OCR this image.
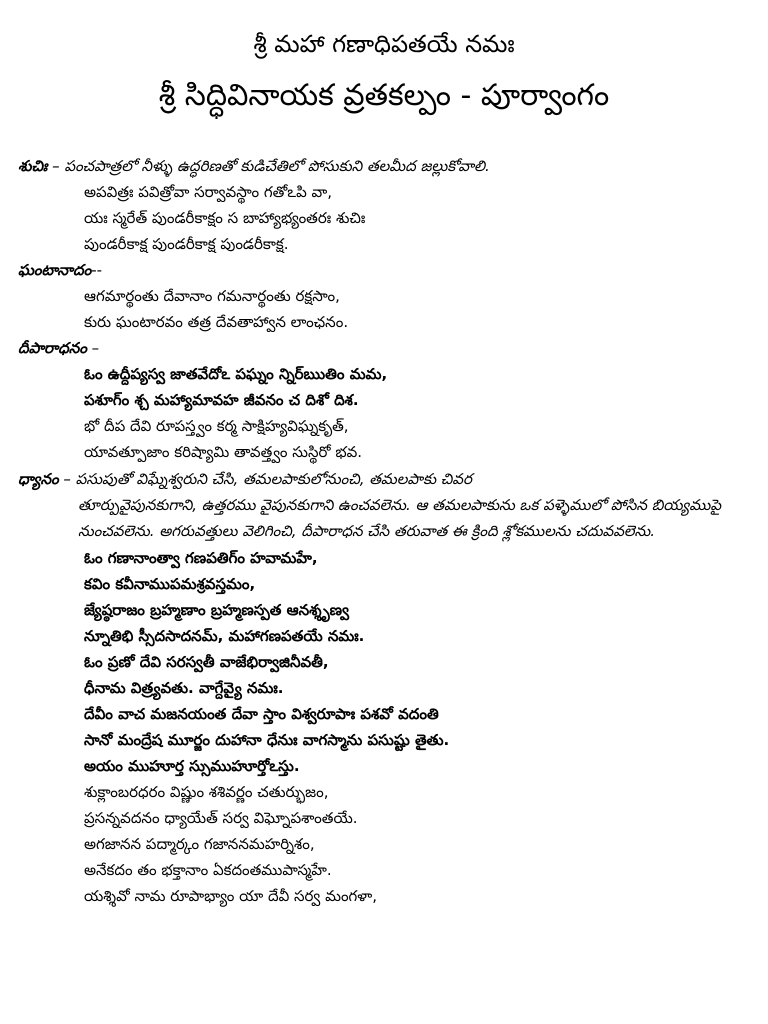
శ్రీ మహా గణాధిపతయే నమః
శ్రీ సిద్ధివినాయక వ్రతకల్పం - పూర్వాంగం
శుచిః – పంచపాత్రలో నీళ్ళు ఉద్ధరిణతో కుడిచేతిలో పోసుకుని తలమీద జల్లుకోవాలి.
అపవిత్రః పవిత్రోవా సర్వావస్థాం గతోఽపి వా,
యః స్మరేత్ పుండరీకాక్షం స బాహ్యాభ్యంతరః శుచిః
పుండరీకాక్ష పుండరీకాక్ష పుండరీకాక్ష.
ఘంటానాదం--
ఆగమార్థంతు దేవానాం గమనార్థంతు రక్షసాం,
కురు ఘంటారవం తత్ర దేవతాహ్వాన లాంఛనం.
దీపారాధనం –
ఓం ఉద్దీప్యస్వ జాతవేదోఽ పఘ్నం న్నిర్‌ఋతిం మమ,
పశూగ్ం శ్చ మహ్యామావహ జీవనం చ దిశో దిశ.
భో దీప దేవి రూపస్త్వం కర్మ సాక్షిహ్యవిఘ్నకృత్,
యావత్పూజాం కరిష్యామి తావత్త్వం సుస్థిరో భవ.
ధ్యానం – పసుపుతో విఘ్నేశ్వరుని చేసి, తమలపాకులోనుంచి, తమలపాకు చివర
తూర్పువైపునకుగాని, ఉత్తరము వైపునకుగాని ఉంచవలెను. ఆ తమలపాకును ఒక పళ్ళెములో పోసిన బియ్యముపై నుంచవలెను. అగరువత్తులు వెలిగించి, దీపారాధన చేసి తరువాత ఈ క్రింది శ్లోకములను చదువవలెను.
ఓం గణానాంత్వా గణపతిగ్ం హవామహే,
కవిం కవీనాముపమశ్రవస్తమం,
జ్యేష్ఠరాజం బ్రహ్మణాం బ్రహ్మణస్పత ఆనశ్శృణ్వ
న్నూతిభి స్సీదసాదనమ్, మహాగణపతయే నమః.
ఓం ప్రణో దేవి సరస్వతీ వాజేభిర్వాజినీవతీ,
ధీనామ విత్ర్యవతు. వాగ్దేవ్యై నమః.
దేవీం వాచ మజనయంత దేవా స్తాం విశ్వరూపాః పశవో వదంతి
సానో మంద్రేష మూర్జం దుహానా ధేనుః వాగస్మాను పసుష్టు తైతు.
అయం ముహూర్త స్సుముహూర్తోఽస్తు.
శుక్లాంబరధరం విష్ణుం శశివర్ణం చతుర్భుజం,
ప్రసన్నవదనం ధ్యాయేత్ సర్వ విఘ్నోపశాంతయే.
అగజానన పద్మార్కం గజాననమహర్నిశం,
అనేకదం తం భక్తానాం ఏకదంతముపాస్మహే.
యశ్శివో నామ రూపాభ్యాం యా దేవీ సర్వ మంగళా,
